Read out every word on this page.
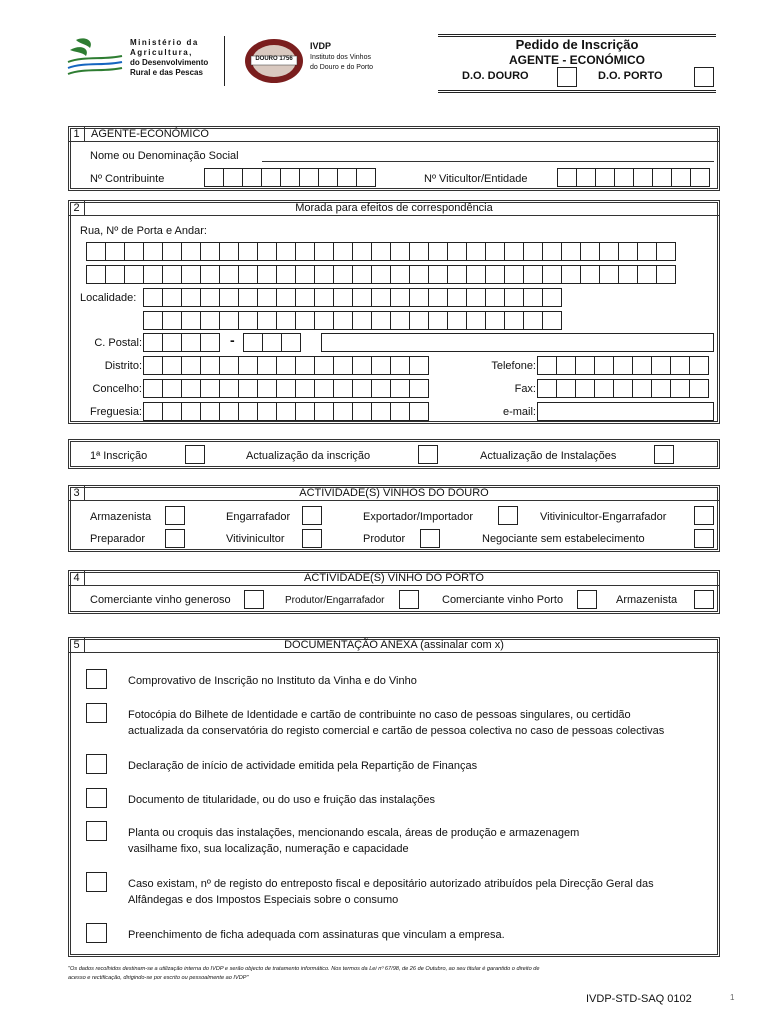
Ministério da
Agricultura,
do Desenvolvimento
Rural e das Pescas
DOURO 1756
IVDP
Instituto dos Vinhos
do Douro e do Porto
Pedido de Inscrição
AGENTE - ECONÓMICO
D.O. DOURO	D.O. PORTO
AGENTE-ECONÓMICO
1
Nome ou Denominação Social
Nº Contribuinte	Nº Viticultor/Entidade
Morada para efeitos de correspondência
2
Rua, Nº de Porta e Andar:
Localidade:
C. Postal:	-
Distrito:	Telefone:
Concelho:	Fax:
Freguesia:	e-mail:
1ª Inscrição	Actualização da inscrição	Actualização de Instalações
ACTIVIDADE(S) VINHOS DO DOURO
3
Armazenista	Engarrafador	Exportador/Importador	Vitivinicultor-Engarrafador
Preparador	Vitivinicultor	Produtor	Negociante sem estabelecimento
ACTIVIDADE(S) VINHO DO PORTO
4
Comerciante vinho generoso	Produtor/Engarrafador	Comerciante vinho Porto	Armazenista
DOCUMENTAÇÃO ANEXA (assinalar com x)
5
Comprovativo de Inscrição no Instituto da Vinha e do Vinho
Fotocópia do Bilhete de Identidade e cartão de contribuinte no caso de pessoas singulares, ou certidão
actualizada da conservatória do registo comercial e cartão de pessoa colectiva no caso de pessoas colectivas
Declaração de início de actividade emitida pela Repartição de Finanças
Documento de titularidade, ou do uso e fruição das instalações
Planta ou croquis das instalações, mencionando escala, áreas de produção e armazenagem
vasilhame fixo, sua localização, numeração e capacidade
Caso existam, nº de registo do entreposto fiscal e depositário autorizado atribuídos pela Direcção Geral das
Alfândegas e dos Impostos Especiais sobre o consumo
Preenchimento de ficha adequada com assinaturas que vinculam a empresa.
"Os dados recolhidos destinam-se a utilização interna do IVDP e serão objecto de tratamento informático. Nos termos da Lei nº 67/98, de 26 de Outubro, ao seu titular é garantido o direito de
acesso e rectificação, dirigindo-se por escrito ou pessoalmente ao IVDP"
IVDP-STD-SAQ 0102	1
